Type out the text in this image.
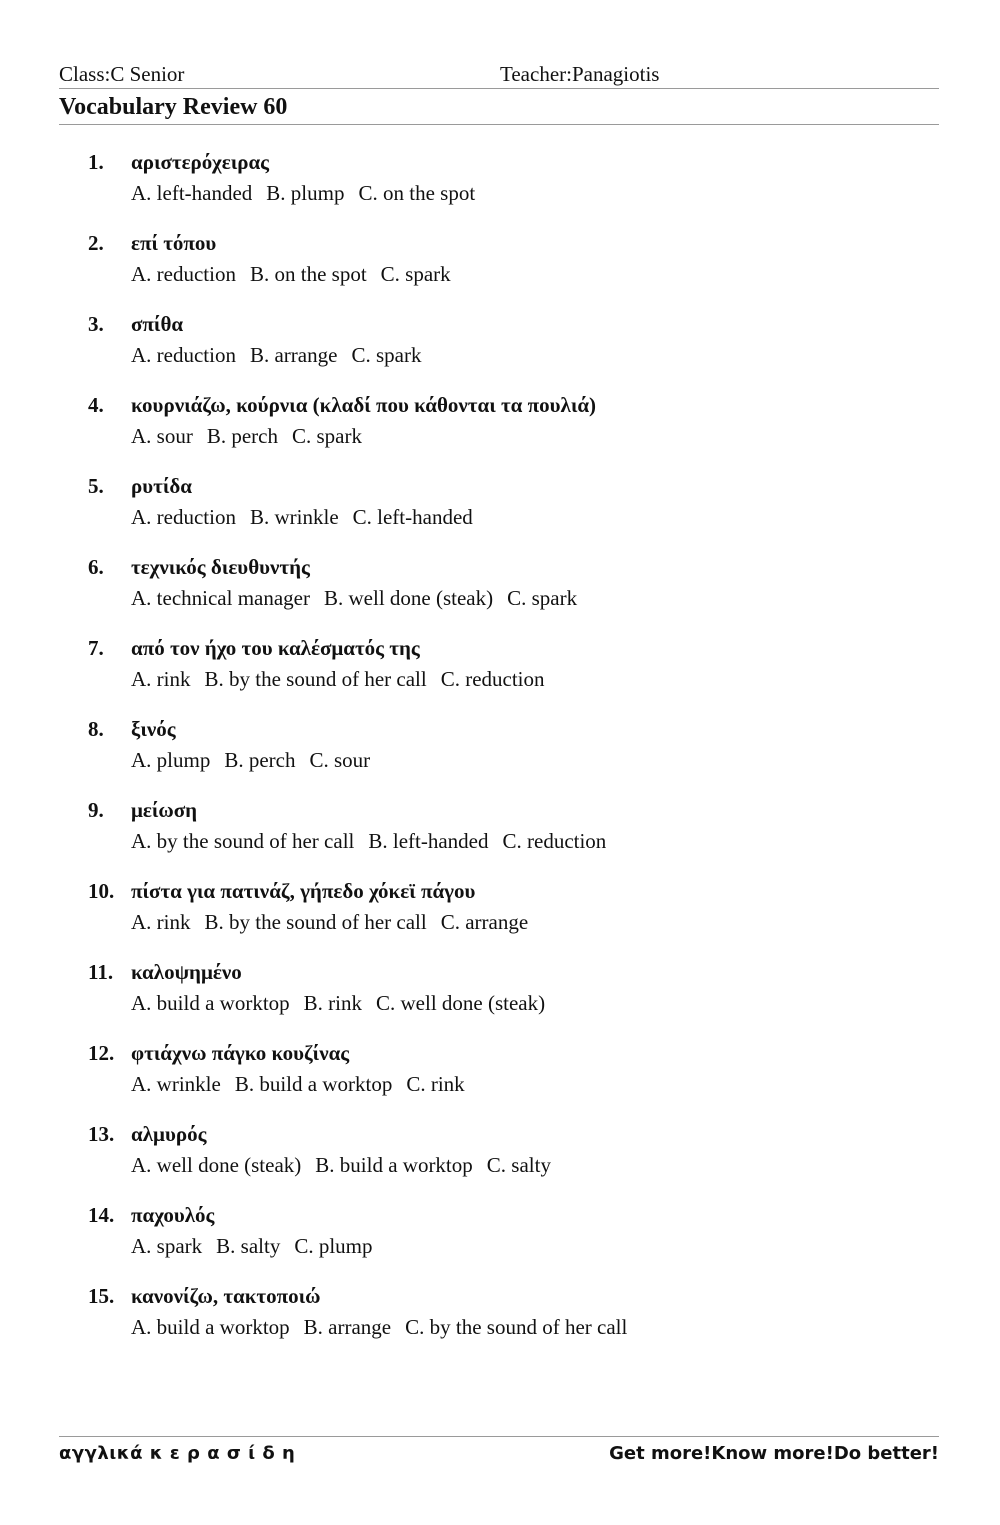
Class:C Senior	Teacher:Panagiotis
Vocabulary Review 60
1.	αριστερόχειρας
A. left-handed B. plump C. on the spot
2.	επί τόπου
A. reduction B. on the spot C. spark
3.	σπίθα
A. reduction B. arrange C. spark
4.	κουρνιάζω, κούρνια (κλαδί που κάθονται τα πουλιά)
A. sour B. perch C. spark
5.	ρυτίδα
A. reduction B. wrinkle C. left-handed
6.	τεχνικός διευθυντής
A. technical manager B. well done (steak) C. spark
7.	από τον ήχο του καλέσματός της
A. rink B. by the sound of her call C. reduction
8.	ξινός
A. plump B. perch C. sour
9.	μείωση
A. by the sound of her call B. left-handed C. reduction
10. πίστα για πατινάζ, γήπεδο χόκεϊ πάγου
A. rink B. by the sound of her call C. arrange
11. καλοψημένο
A. build a worktop B. rink C. well done (steak)
12. φτιάχνω πάγκο κουζίνας
A. wrinkle B. build a worktop C. rink
13. αλμυρός
A. well done (steak) B. build a worktop C. salty
14. παχουλός
A. spark B. salty C. plump
15. κανονίζω, τακτοποιώ
A. build a worktop B. arrange C. by the sound of her call
αγγλικά κ ε ρ α σ ί δ η	Get more!Know more!Do better!
